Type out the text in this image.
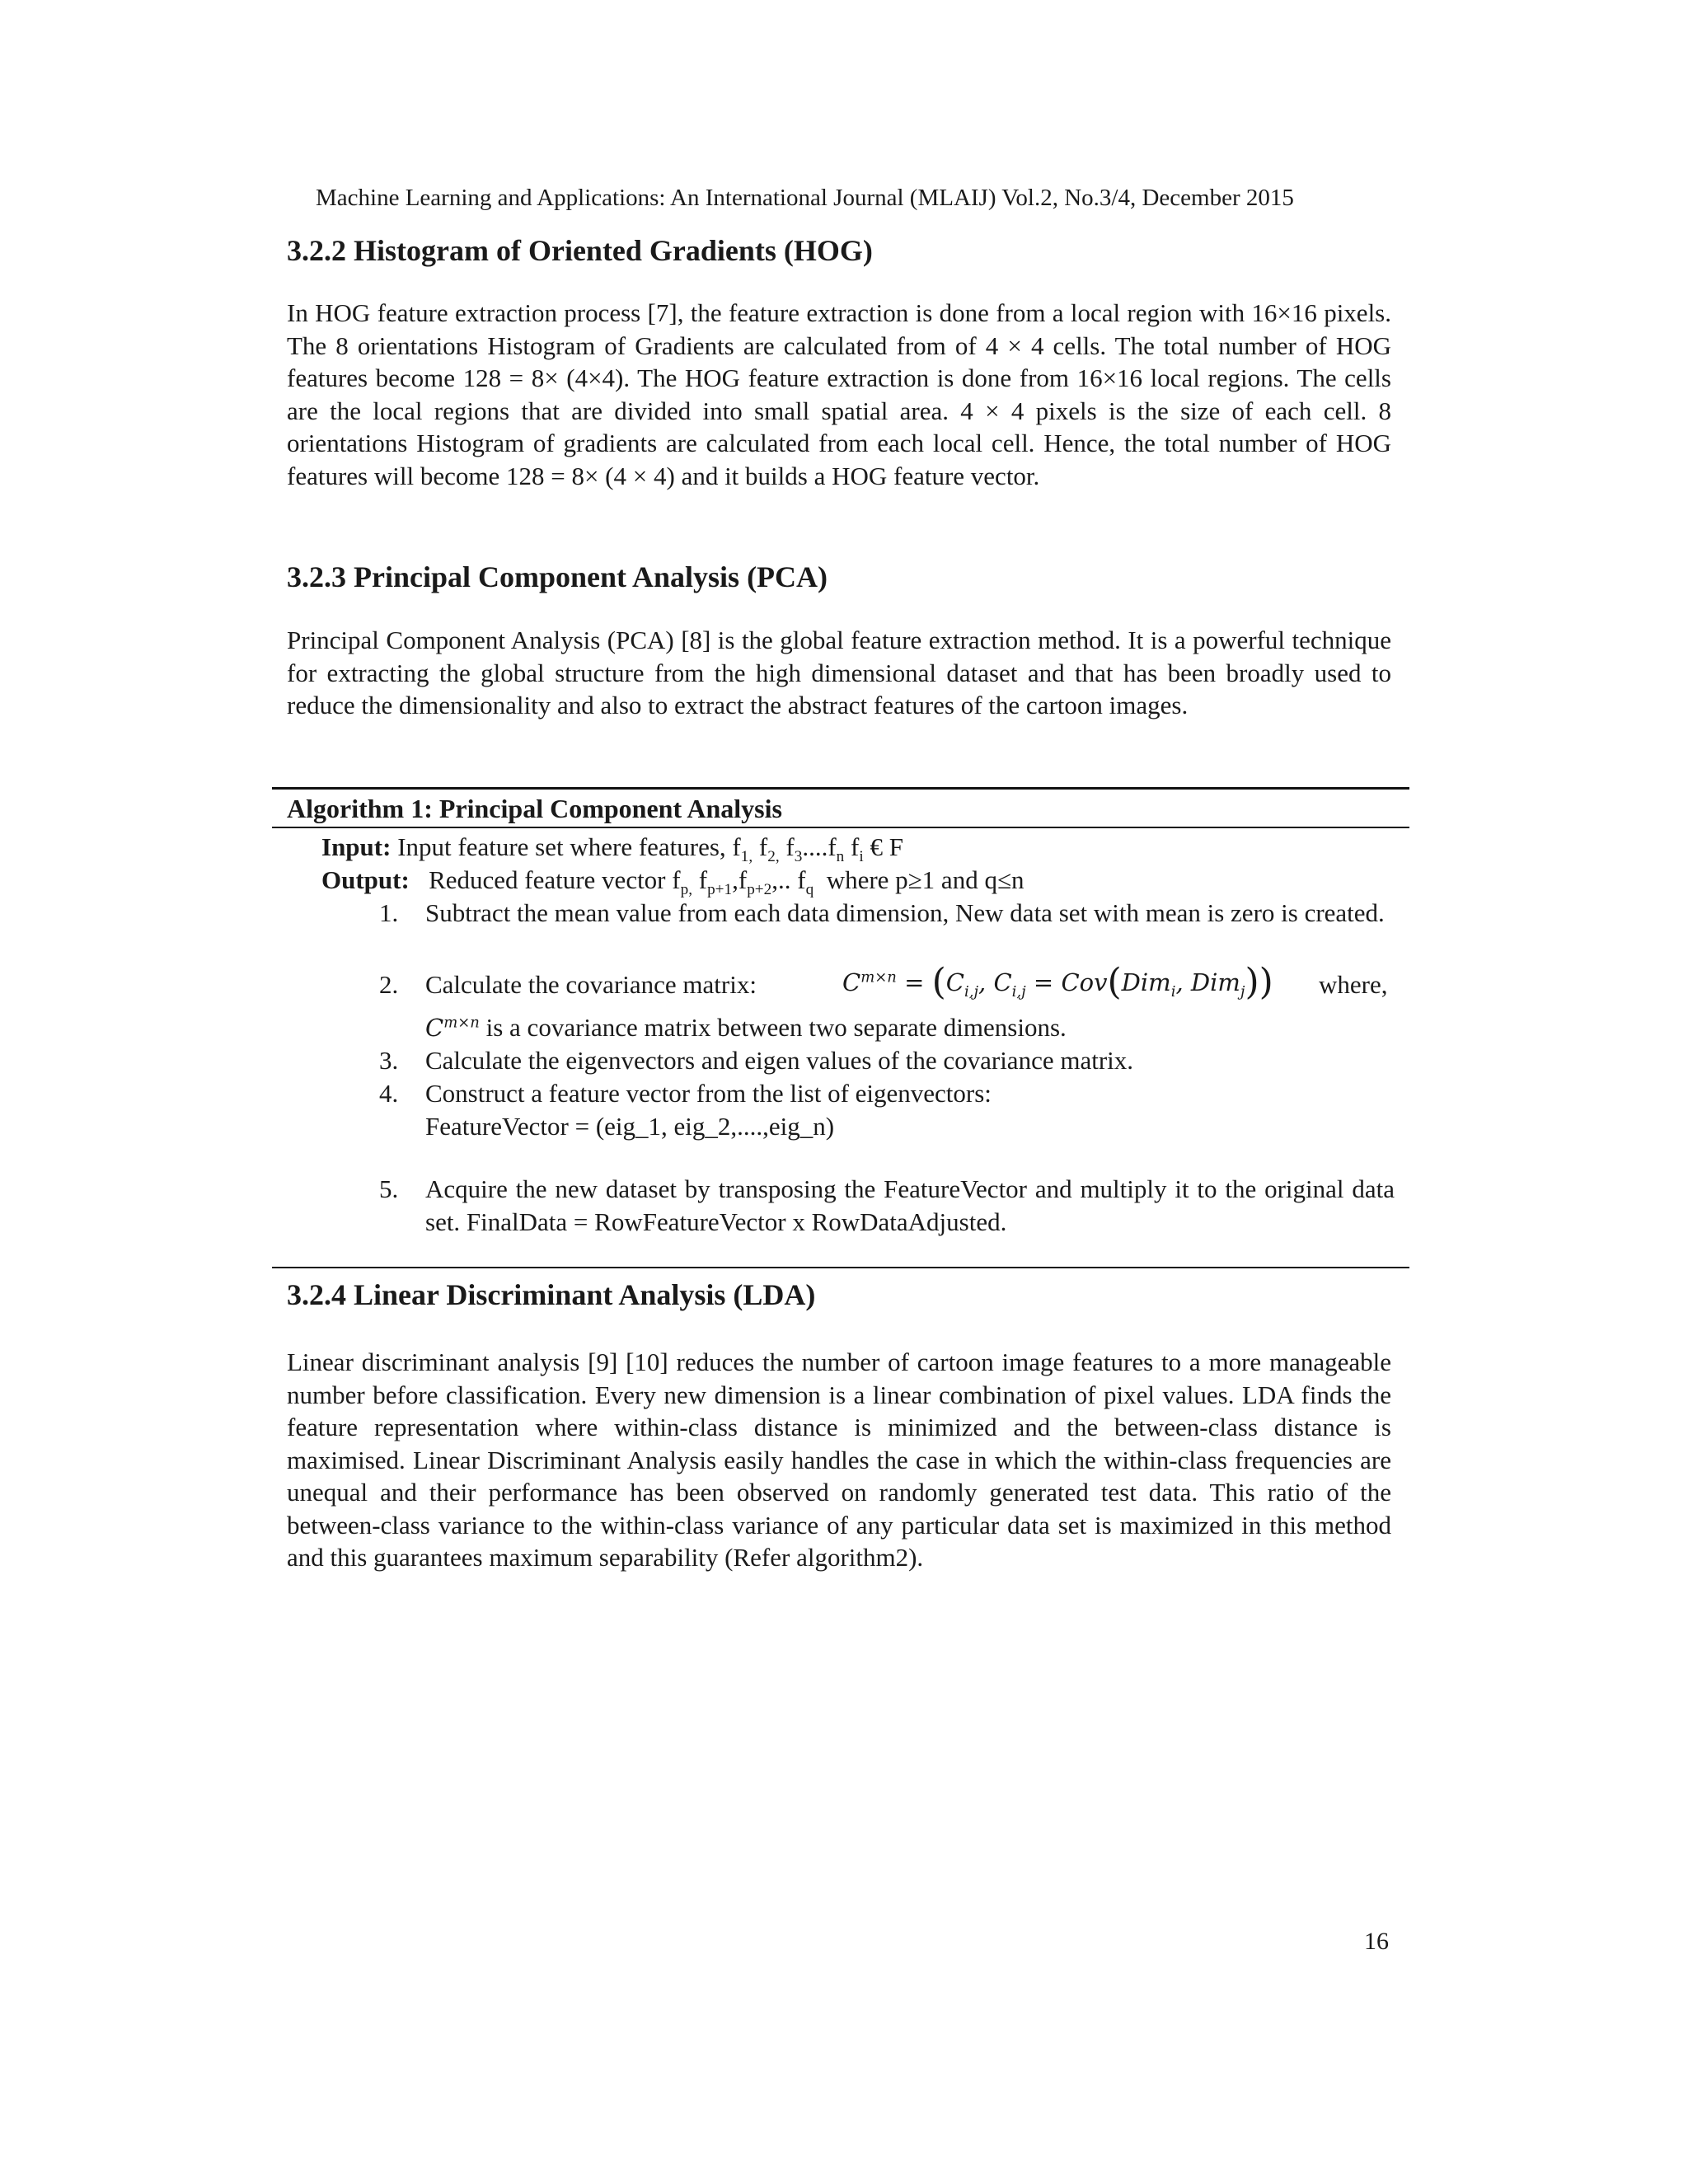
Machine Learning and Applications: An International Journal (MLAIJ) Vol.2, No.3/4, December 2015
3.2.2 Histogram of Oriented Gradients (HOG)

In HOG feature extraction process [7], the feature extraction is done from a local region with 16×16 pixels. The 8 orientations Histogram of Gradients are calculated from of 4 × 4 cells. The total number of HOG features become 128 = 8× (4×4). The HOG feature extraction is done from 16×16 local regions. The cells are the local regions that are divided into small spatial area. 4 × 4 pixels is the size of each cell. 8 orientations Histogram of gradients are calculated from each local cell. Hence, the total number of HOG features will become 128 = 8× (4 × 4) and it builds a HOG feature vector.

3.2.3 Principal Component Analysis (PCA)

Principal Component Analysis (PCA) [8] is the global feature extraction method. It is a powerful technique for extracting the global structure from the high dimensional dataset and that has been broadly used to reduce the dimensionality and also to extract the abstract features of the cartoon images.

Algorithm 1: Principal Component Analysis
Input: Input feature set where features, $f_{1,}$ $f_{2,}$ $f_3....f_n$ $f_i$ € F
Output: Reduced feature vector $f_{p,}$ $f_{p+1},f_{p+2}$,.. $f_q$ where p≥1 and q≤n
1. Subtract the mean value from each data dimension, New data set with mean is zero is created.
2. Calculate the covariance matrix:	$C^{m\times n} = (C_{i,j}$, $C_{i,j} = Cov(Dim_i$, Dim$_j$)) where,
$C^{m\times n}$ is a covariance matrix between two separate dimensions.
3. Calculate the eigenvectors and eigen values of the covariance matrix.
4. Construct a feature vector from the list of eigenvectors:
FeatureVector = (eig_1, eig_2,....,eig_n)
5. Acquire the new dataset by transposing the FeatureVector and multiply it to the original data set. FinalData = RowFeatureVector x RowDataAdjusted.
3.2.4 Linear Discriminant Analysis (LDA)

Linear discriminant analysis [9] [10] reduces the number of cartoon image features to a more manageable number before classification. Every new dimension is a linear combination of pixel values. LDA finds the feature representation where within-class distance is minimized and the between-class distance is maximised. Linear Discriminant Analysis easily handles the case in which the within-class frequencies are unequal and their performance has been observed on randomly generated test data. This ratio of the between-class variance to the within-class variance of any particular data set is maximized in this method and this guarantees maximum separability (Refer algorithm2).

16
